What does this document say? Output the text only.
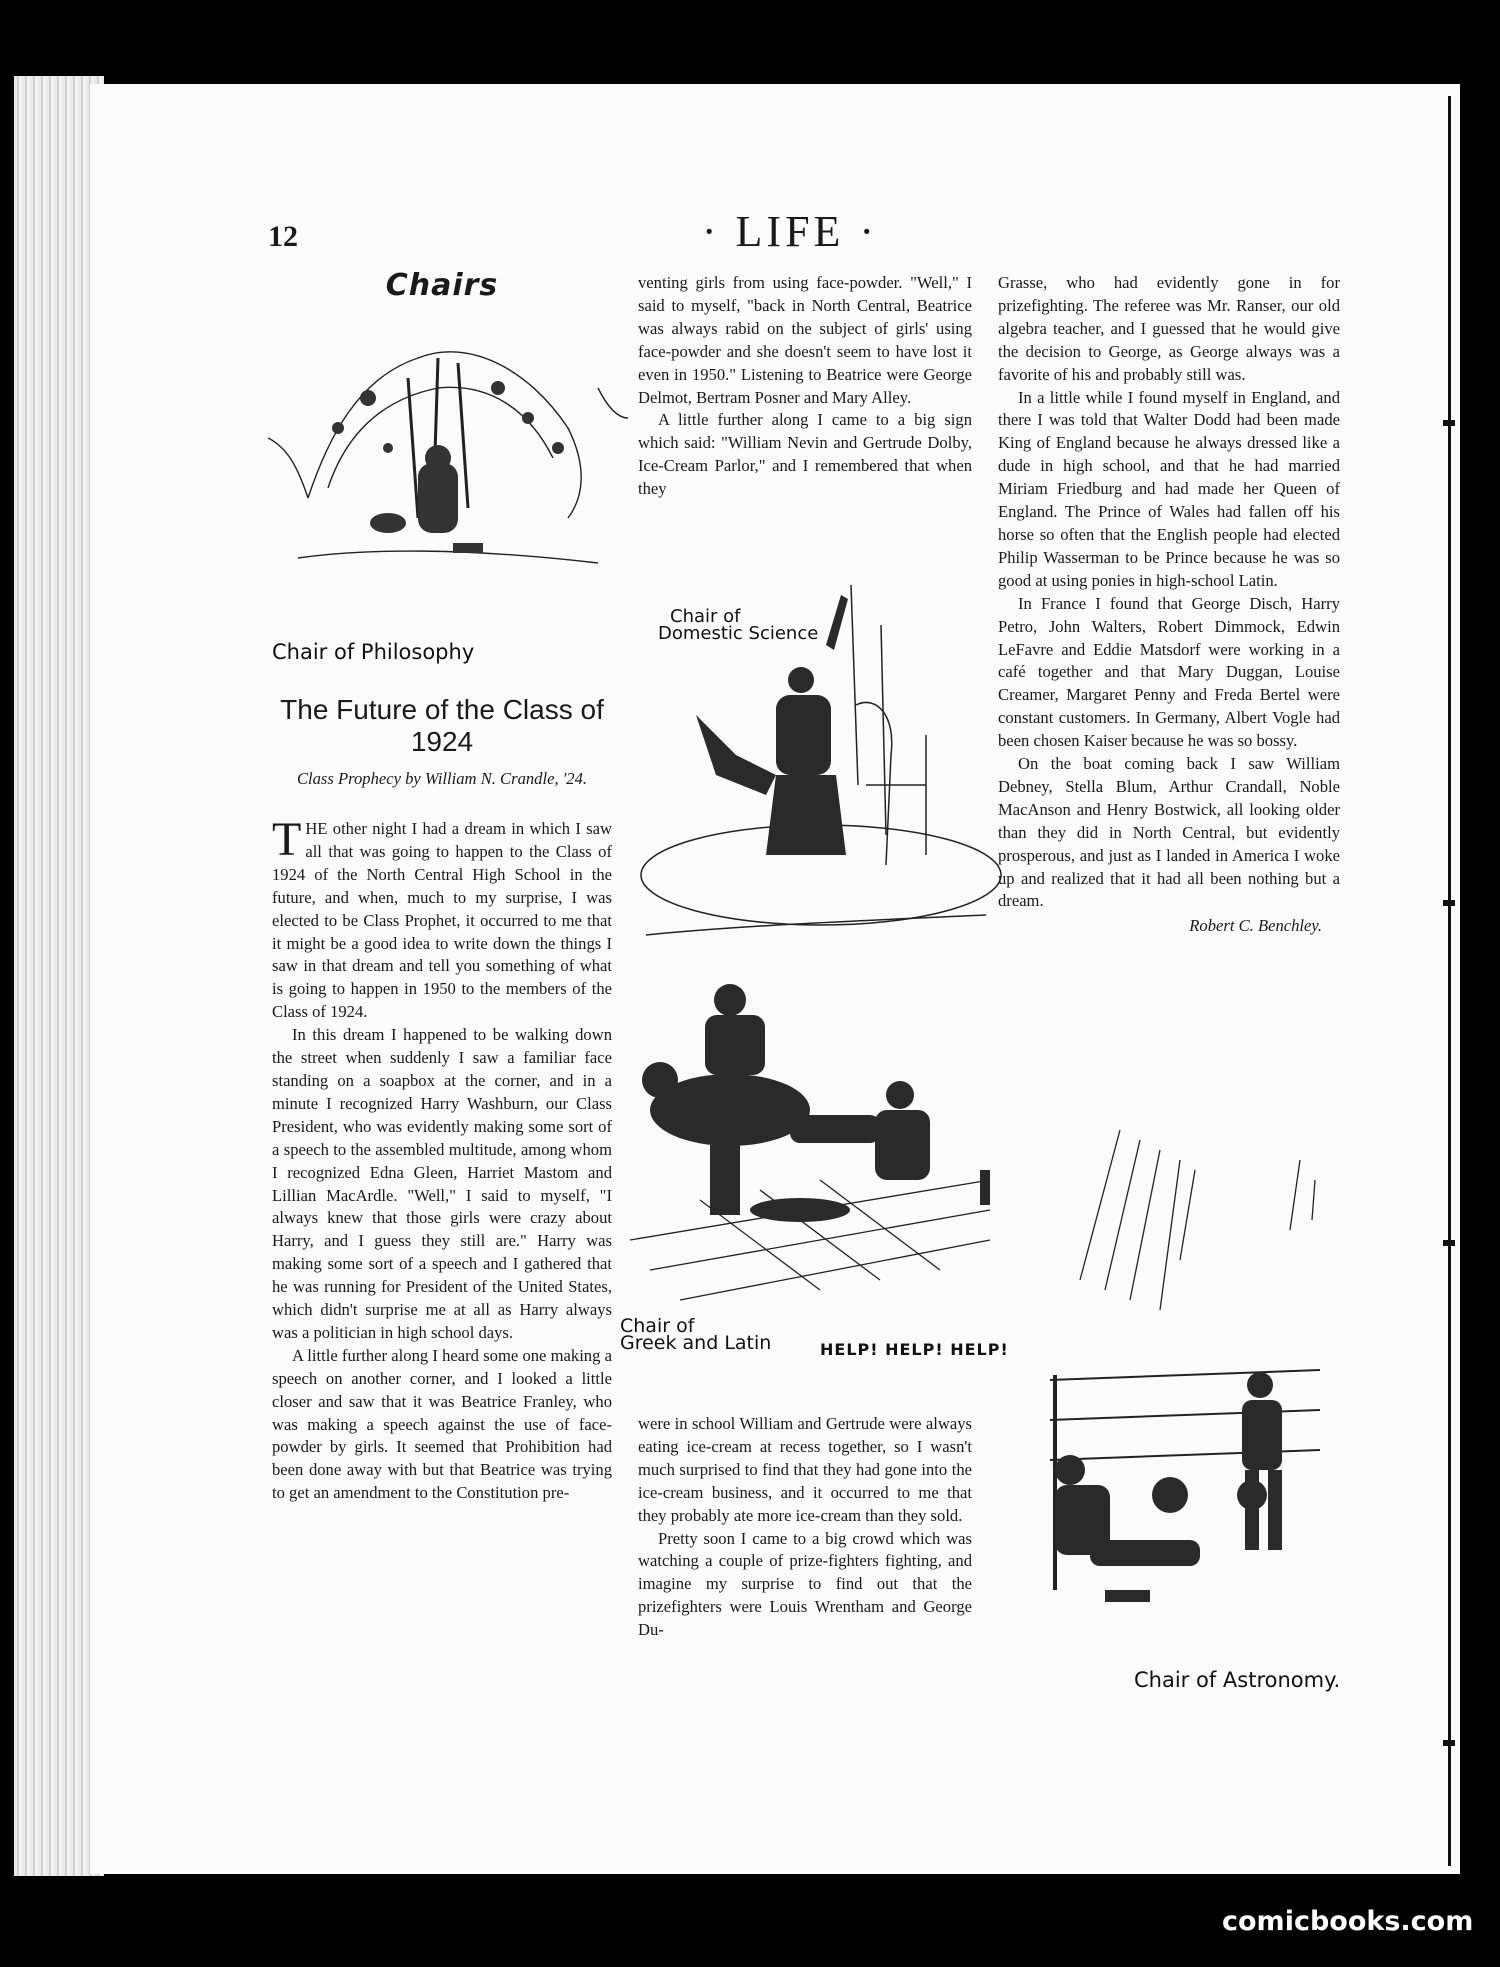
12	· LIFE ·
Chairs
Chair of Philosophy
The Future of the Class of 1924
Class Prophecy by William N. Crandle, '24.

THE other night I had a dream in which I saw all that was going to happen to the Class of 1924 of the North Central High School in the future, and when, much to my surprise, I was elected to be Class Prophet, it occurred to me that it might be a good idea to write down the things I saw in that dream and tell you something of what is going to happen in 1950 to the members of the Class of 1924.

In this dream I happened to be walking down the street when suddenly I saw a familiar face standing on a soapbox at the corner, and in a minute I recognized Harry Washburn, our Class President, who was evidently making some sort of a speech to the assembled multitude, among whom I recognized Edna Gleen, Harriet Mastom and Lillian MacArdle. "Well," I said to myself, "I always knew that those girls were crazy about Harry, and I guess they still are." Harry was making some sort of a speech and I gathered that he was running for President of the United States, which didn't surprise me at all as Harry always was a politician in high school days.

A little further along I heard some one making a speech on another corner, and I looked a little closer and saw that it was Beatrice Franley, who was making a speech against the use of face-powder by girls. It seemed that Prohibition had been done away with but that Beatrice was trying to get an amendment to the Constitution pre-

venting girls from using face-powder. "Well," I said to myself, "back in North Central, Beatrice was always rabid on the subject of girls' using face-powder and she doesn't seem to have lost it even in 1950." Listening to Beatrice were George Delmot, Bertram Posner and Mary Alley.

A little further along I came to a big sign which said: "William Nevin and Gertrude Dolby, Ice-Cream Parlor," and I remembered that when they

Chair of
Domestic Science
Chair of
Greek and Latin	HELP! HELP! HELP!

were in school William and Gertrude were always eating ice-cream at recess together, so I wasn't much surprised to find that they had gone into the ice-cream business, and it occurred to me that they probably ate more ice-cream than they sold.

Pretty soon I came to a big crowd which was watching a couple of prize-fighters fighting, and imagine my surprise to find out that the prizefighters were Louis Wrentham and George Du-

Grasse, who had evidently gone in for prizefighting. The referee was Mr. Ranser, our old algebra teacher, and I guessed that he would give the decision to George, as George always was a favorite of his and probably still was.

In a little while I found myself in England, and there I was told that Walter Dodd had been made King of England because he always dressed like a dude in high school, and that he had married Miriam Friedburg and had made her Queen of England. The Prince of Wales had fallen off his horse so often that the English people had elected Philip Wasserman to be Prince because he was so good at using ponies in high-school Latin.

In France I found that George Disch, Harry Petro, John Walters, Robert Dimmock, Edwin LeFavre and Eddie Matsdorf were working in a café together and that Mary Duggan, Louise Creamer, Margaret Penny and Freda Bertel were constant customers. In Germany, Albert Vogle had been chosen Kaiser because he was so bossy.

On the boat coming back I saw William Debney, Stella Blum, Arthur Crandall, Noble MacAnson and Henry Bostwick, all looking older than they did in North Central, but evidently prosperous, and just as I landed in America I woke up and realized that it had all been nothing but a dream.

Robert C. Benchley.
Chair of Astronomy.
comicbooks.com
